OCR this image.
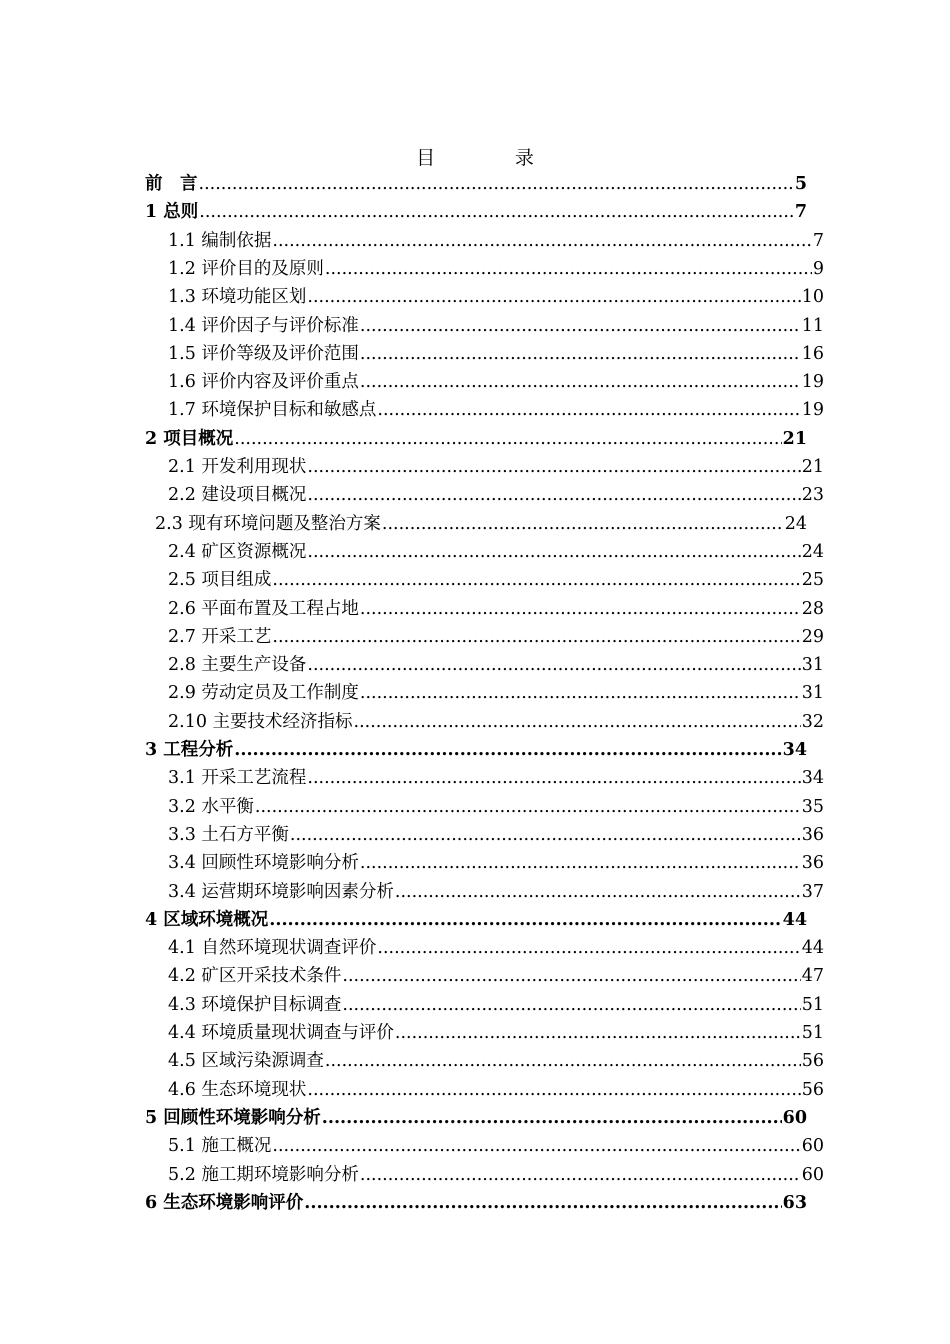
目　录
前　言 .....	5
1 总则 .....	7
1.1 编制依据 .....	7
1.2 评价目的及原则 .....	9
1.3 环境功能区划 .....	10
1.4 评价因子与评价标准 .....	11
1.5 评价等级及评价范围 .....	16
1.6 评价内容及评价重点 .....	19
1.7 环境保护目标和敏感点 .....	19
2 项目概况 .....	21
2.1 开发利用现状 .....	21
2.2 建设项目概况 .....	23
2.3 现有环境问题及整治方案 .....	24
2.4 矿区资源概况 .....	24
2.5 项目组成 .....	25
2.6 平面布置及工程占地 .....	28
2.7 开采工艺 .....	29
2.8 主要生产设备 .....	31
2.9 劳动定员及工作制度 .....	31
2.10 主要技术经济指标 .....	32
3 工程分析 .....	34
3.1 开采工艺流程 .....	34
3.2 水平衡 .....	35
3.3 土石方平衡 .....	36
3.4 回顾性环境影响分析 .....	36
3.4 运营期环境影响因素分析 .....	37
4 区域环境概况 .....	44
4.1 自然环境现状调查评价 .....	44
4.2 矿区开采技术条件 .....	47
4.3 环境保护目标调查 .....	51
4.4 环境质量现状调查与评价 .....	51
4.5 区域污染源调查 .....	56
4.6 生态环境现状 .....	56
5 回顾性环境影响分析 .....	60
5.1 施工概况 .....	60
5.2 施工期环境影响分析 .....	60
6 生态环境影响评价 .....	63
